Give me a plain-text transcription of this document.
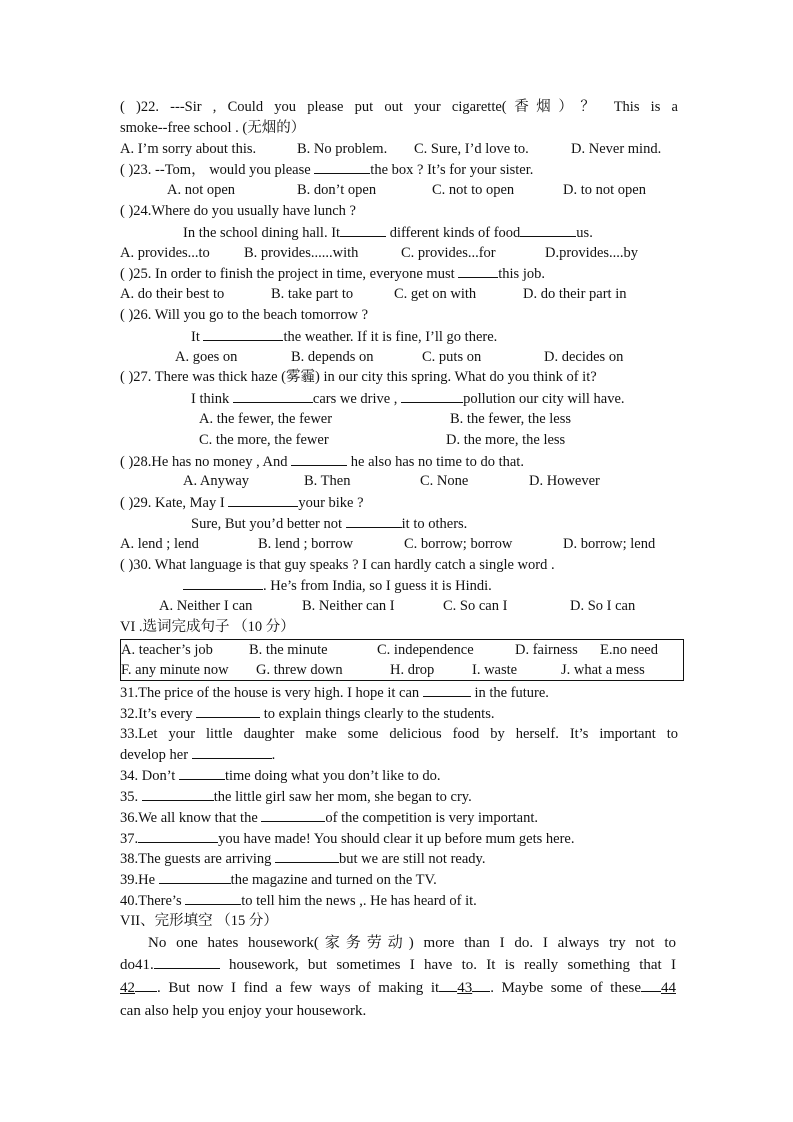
( )22. ---Sir , Could you please put out your cigarette(香烟）？ This is a
smoke--free school . (无烟的）
A. I’m sorry about this.	B. No problem. C. Sure, I’d love to.	D. Never mind.
( )23. --Tom， would you please	the box ? It’s for your sister.
A. not open	B. don’t open	C. not to open	D. to not open
( )24.Where do you usually have lunch ?
In the school dining hall. It	different kinds of food	us.
A. provides...to B. provides......with	C. provides...for	D.provides....by
( )25. In order to finish the project in time, everyone must	this job.
A. do their best to	B. take part to	C. get on with	D. do their part in
( )26. Will you go to the beach tomorrow ?
It	the weather. If it is fine, I’ll go there.
A. goes on	B. depends on	C. puts on	D. decides on
( )27. There was thick haze (雾霾) in our city this spring. What do you think of it?
I think	cars we drive ,	pollution our city will have.
A. the fewer, the fewer	B. the fewer, the less
C. the more, the fewer	D. the more, the less
( )28.He has no money , And	he also has no time to do that.
A. Anyway	B. Then	C. None	D. However
( )29. Kate, May I	your bike ?
Sure, But you’d better not	it to others.
A. lend ; lend	B. lend ; borrow	C. borrow; borrow	D. borrow; lend
( )30. What language is that guy speaks ? I can hardly catch a single word .
. He’s from India, so I guess it is Hindi.
A. Neither I can	B. Neither can I	C. So can I	D. So I can
VI .选词完成句子 （10 分）
A. teacher’s job B. the minute	C. independence	D. fairness E.no need
F. any minute now G. threw down	H. drop	I. waste	J. what a mess
31.The price of the house is very high. I hope it can	in the future.
32.It’s every	to explain things clearly to the students.
33.Let your little daughter make some delicious food by herself. It’s important to
develop her	.
34. Don’t	time doing what you don’t like to do.
35.	the little girl saw her mom, she began to cry.
36.We all know that the	of the competition is very important.
37.	you have made! You should clear it up before mum gets here.
38.The guests are arriving	but we are still not ready.
39.He	the magazine and turned on the TV.
40.There’s	to tell him the news ,. He has heard of it.
VII、完形填空 （15 分）
No one hates housework(家务劳动) more than I do. I always try not to
do41.	housework, but sometimes I have to. It is really something that I
42 . But now I find a few ways of making it 43 . Maybe some of these 44
can also help you enjoy your housework.
